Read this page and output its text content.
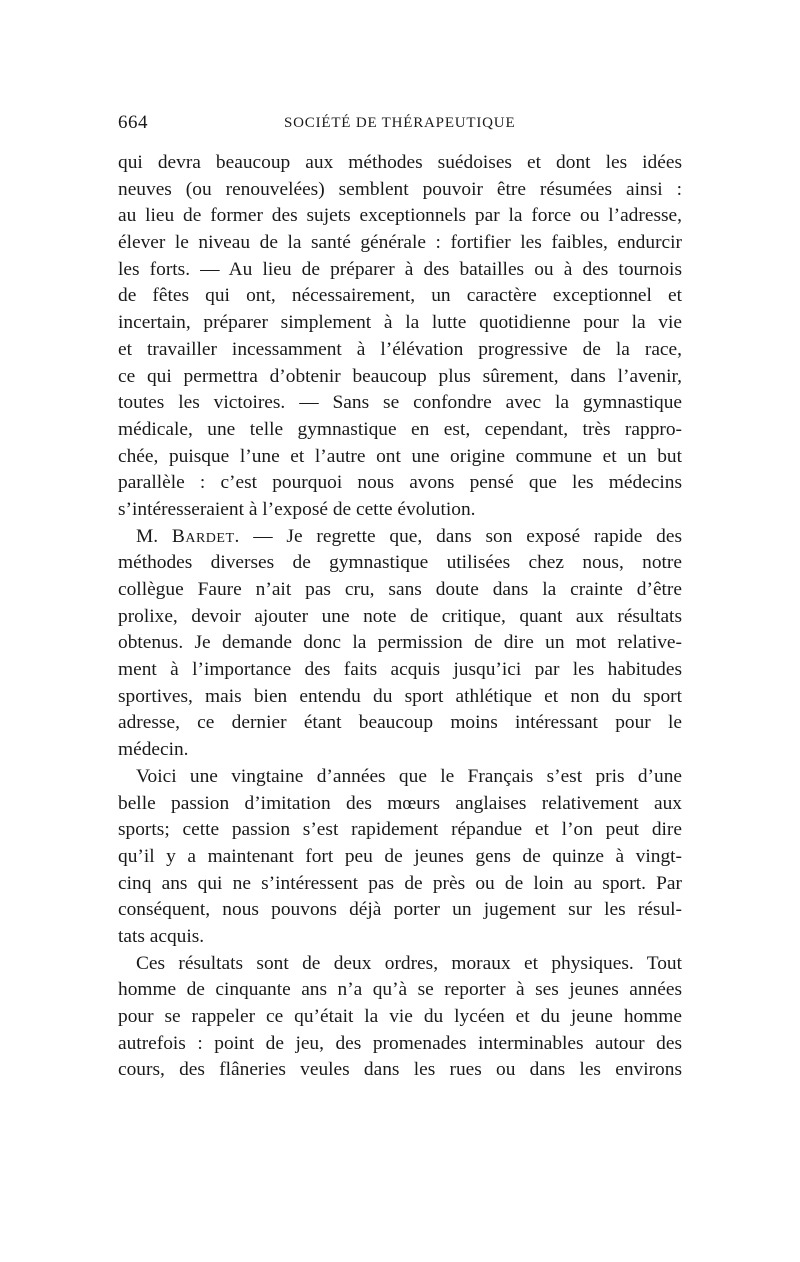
664	SOCIÉTÉ DE THÉRAPEUTIQUE
qui devra beaucoup aux méthodes suédoises et dont les idées
neuves (ou renouvelées) semblent pouvoir être résumées ainsi :
au lieu de former des sujets exceptionnels par la force ou l’adresse,
élever le niveau de la santé générale : fortifier les faibles, endurcir
les forts. — Au lieu de préparer à des batailles ou à des tournois
de fêtes qui ont, nécessairement, un caractère exceptionnel et
incertain, préparer simplement à la lutte quotidienne pour la vie
et travailler incessamment à l’élévation progressive de la race,
ce qui permettra d’obtenir beaucoup plus sûrement, dans l’avenir,
toutes les victoires. — Sans se confondre avec la gymnastique
médicale, une telle gymnastique en est, cependant, très rappro-
chée, puisque l’une et l’autre ont une origine commune et un but
parallèle : c’est pourquoi nous avons pensé que les médecins
s’intéresseraient à l’exposé de cette évolution.
M. Bardet. — Je regrette que, dans son exposé rapide des
méthodes diverses de gymnastique utilisées chez nous, notre
collègue Faure n’ait pas cru, sans doute dans la crainte d’être
prolixe, devoir ajouter une note de critique, quant aux résultats
obtenus. Je demande donc la permission de dire un mot relative-
ment à l’importance des faits acquis jusqu’ici par les habitudes
sportives, mais bien entendu du sport athlétique et non du sport
adresse, ce dernier étant beaucoup moins intéressant pour le
médecin.
Voici une vingtaine d’années que le Français s’est pris d’une
belle passion d’imitation des mœurs anglaises relativement aux
sports; cette passion s’est rapidement répandue et l’on peut dire
qu’il y a maintenant fort peu de jeunes gens de quinze à vingt-
cinq ans qui ne s’intéressent pas de près ou de loin au sport. Par
conséquent, nous pouvons déjà porter un jugement sur les résul-
tats acquis.
Ces résultats sont de deux ordres, moraux et physiques. Tout
homme de cinquante ans n’a qu’à se reporter à ses jeunes années
pour se rappeler ce qu’était la vie du lycéen et du jeune homme
autrefois : point de jeu, des promenades interminables autour des
cours, des flâneries veules dans les rues ou dans les environs
